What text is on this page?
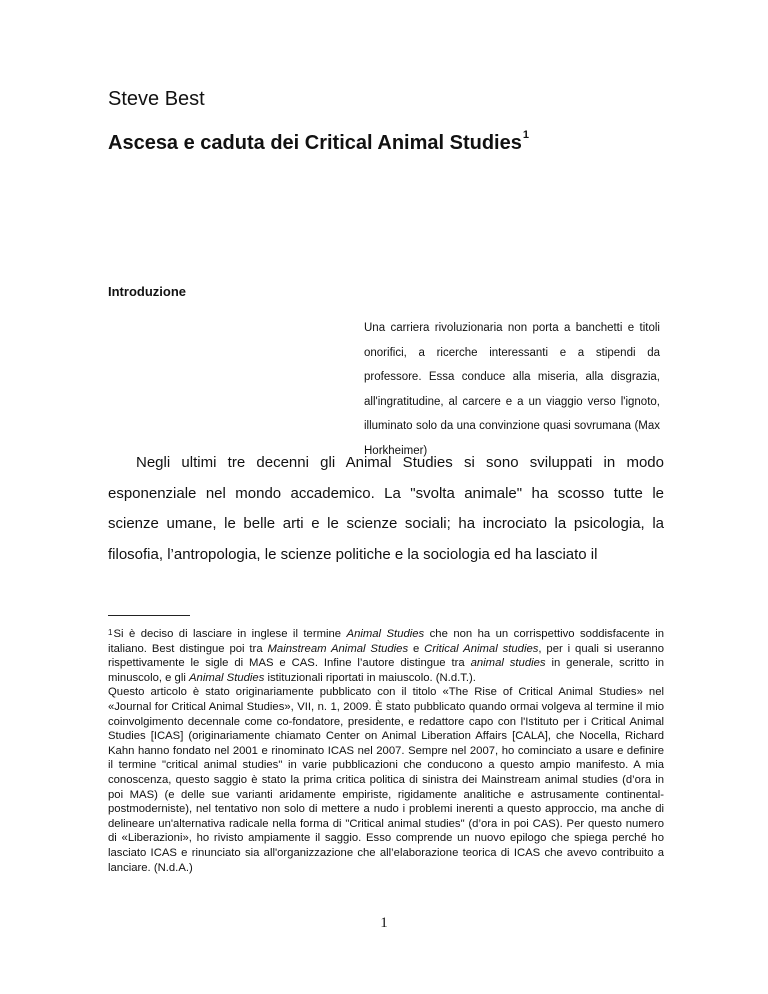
Steve Best
Ascesa e caduta dei Critical Animal Studies$^1$
Introduzione

Una carriera rivoluzionaria non porta a banchetti e titoli onorifici, a ricerche interessanti e a stipendi da professore. Essa conduce alla miseria, alla disgrazia, all'ingratitudine, al carcere e a un viaggio verso l'ignoto, illuminato solo da una convinzione quasi sovrumana (Max Horkheimer)

Negli ultimi tre decenni gli Animal Studies si sono sviluppati in modo esponenziale nel mondo accademico. La "svolta animale" ha scosso tutte le scienze umane, le belle arti e le scienze sociali; ha incrociato la psicologia, la filosofia, l’antropologia, le scienze politiche e la sociologia ed ha lasciato il

$^1$Si è deciso di lasciare in inglese il termine Animal Studies che non ha un corrispettivo soddisfacente in italiano. Best distingue poi tra Mainstream Animal Studies e Critical Animal studies, per i quali si useranno rispettivamente le sigle di MAS e CAS. Infine l’autore distingue tra animal studies in generale, scritto in minuscolo, e gli Animal Studies istituzionali riportati in maiuscolo. (N.d.T.).

Questo articolo è stato originariamente pubblicato con il titolo «The Rise of Critical Animal Studies» nel «Journal for Critical Animal Studies», VII, n. 1, 2009. È stato pubblicato quando ormai volgeva al termine il mio coinvolgimento decennale come co-fondatore, presidente, e redattore capo con l'Istituto per i Critical Animal Studies [ICAS] (originariamente chiamato Center on Animal Liberation Affairs [CALA], che Nocella, Richard Kahn hanno fondato nel 2001 e rinominato ICAS nel 2007. Sempre nel 2007, ho cominciato a usare e definire il termine "critical animal studies" in varie pubblicazioni che conducono a questo ampio manifesto. A mia conoscenza, questo saggio è stato la prima critica politica di sinistra dei Mainstream animal studies (d’ora in poi MAS) (e delle sue varianti aridamente empiriste, rigidamente analitiche e astrusamente continental-postmoderniste), nel tentativo non solo di mettere a nudo i problemi inerenti a questo approccio, ma anche di delineare un'alternativa radicale nella forma di "Critical animal studies" (d’ora in poi CAS). Per questo numero di «Liberazioni», ho rivisto ampiamente il saggio. Esso comprende un nuovo epilogo che spiega perché ho lasciato ICAS e rinunciato sia all'organizzazione che all’elaborazione teorica di ICAS che avevo contribuito a lanciare. (N.d.A.)

1
